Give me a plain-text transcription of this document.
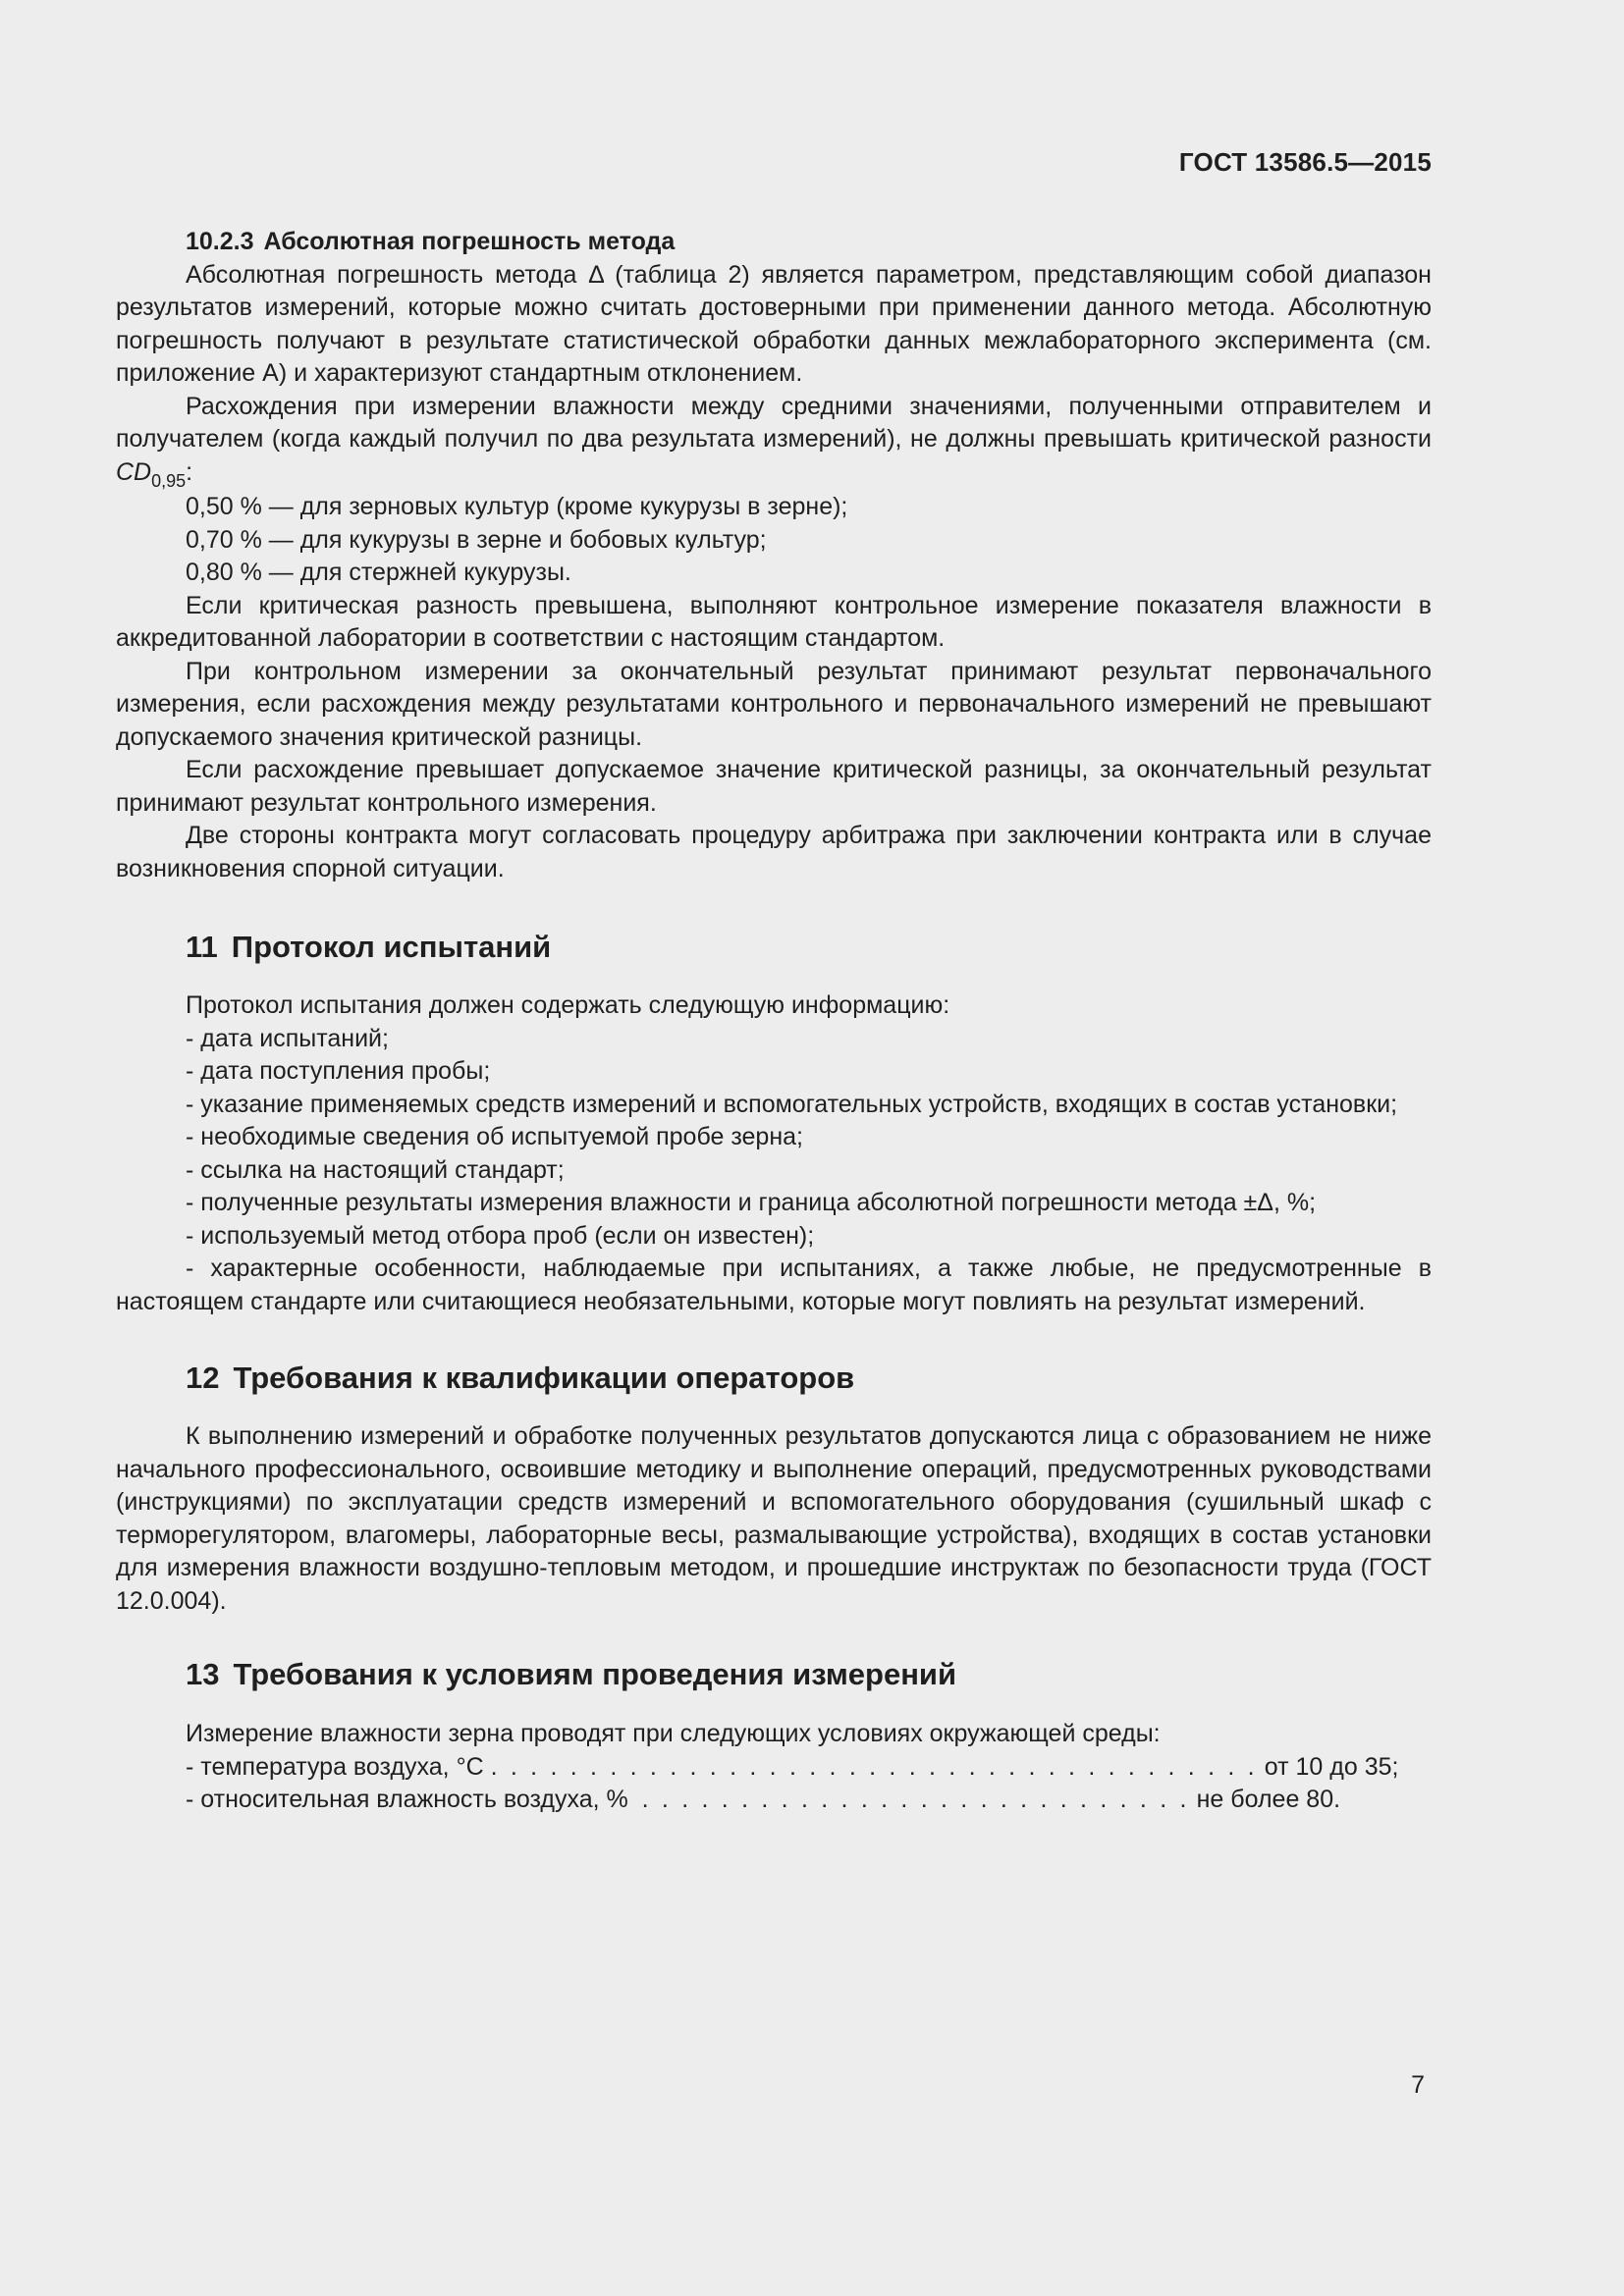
ГОСТ 13586.5—2015

10.2.3 Абсолютная погрешность метода

Абсолютная погрешность метода Δ (таблица 2) является параметром, представляющим собой диапазон результатов измерений, которые можно считать достоверными при применении данного метода. Абсолютную погрешность получают в результате статистической обработки данных межлабораторного эксперимента (см. приложение А) и характеризуют стандартным отклонением.

Расхождения при измерении влажности между средними значениями, полученными отправителем и получателем (когда каждый получил по два результата измерений), не должны превышать критической разности $CD_{0,95}$:

0,50 % — для зерновых культур (кроме кукурузы в зерне);

0,70 % — для кукурузы в зерне и бобовых культур;

0,80 % — для стержней кукурузы.

Если критическая разность превышена, выполняют контрольное измерение показателя влажности в аккредитованной лаборатории в соответствии с настоящим стандартом.

При контрольном измерении за окончательный результат принимают результат первоначального измерения, если расхождения между результатами контрольного и первоначального измерений не превышают допускаемого значения критической разницы.

Если расхождение превышает допускаемое значение критической разницы, за окончательный результат принимают результат контрольного измерения.

Две стороны контракта могут согласовать процедуру арбитража при заключении контракта или в случае возникновения спорной ситуации.

11 Протокол испытаний

Протокол испытания должен содержать следующую информацию:

- дата испытаний;

- дата поступления пробы;

- указание применяемых средств измерений и вспомогательных устройств, входящих в состав установки;

- необходимые сведения об испытуемой пробе зерна;

- ссылка на настоящий стандарт;

- полученные результаты измерения влажности и граница абсолютной погрешности метода ±Δ, %;

- используемый метод отбора проб (если он известен);

- характерные особенности, наблюдаемые при испытаниях, а также любые, не предусмотренные в настоящем стандарте или считающиеся необязательными, которые могут повлиять на результат измерений.

12 Требования к квалификации операторов

К выполнению измерений и обработке полученных результатов допускаются лица с образованием не ниже начального профессионального, освоившие методику и выполнение операций, предусмотренных руководствами (инструкциями) по эксплуатации средств измерений и вспомогательного оборудования (сушильный шкаф с терморегулятором, влагомеры, лабораторные весы, размалывающие устройства), входящих в состав установки для измерения влажности воздушно-тепловым методом, и прошедшие инструктаж по безопасности труда (ГОСТ 12.0.004).

13 Требования к условиям проведения измерений

Измерение влажности зерна проводят при следующих условиях окружающей среды:

- температура воздуха, °С . . . . . . . . . . . . . . . . . . . . . . . . . . . . . . . . . . . . . . . от 10 до 35;

- относительная влажность воздуха, % . . . . . . . . . . . . . . . . . . . . . . . . . . . . не более 80.

7
